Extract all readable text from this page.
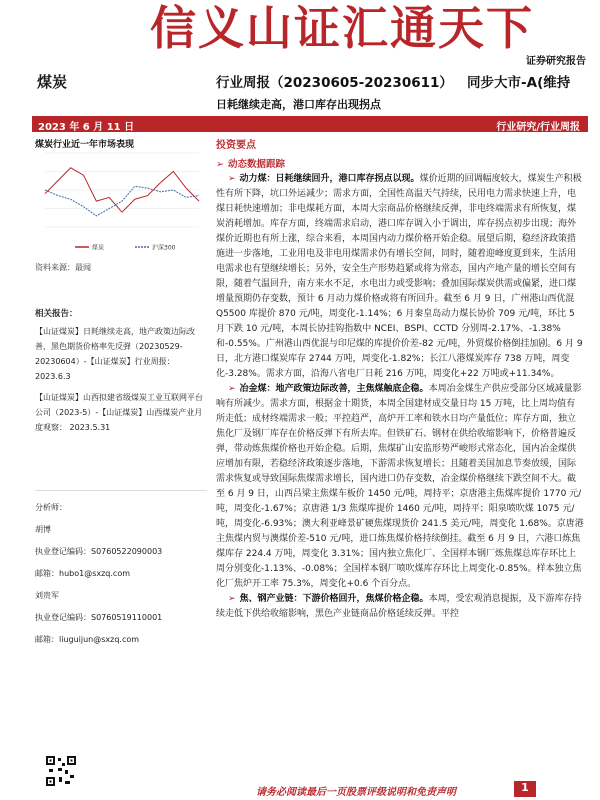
信义山证汇通天下
证券研究报告
煤炭	行业周报（20230605-20230611） 同步大市-A(维持
日耗继续走高，港口库存出现拐点
2023 年 6 月 11 日	行业研究/行业周报
煤炭行业近一年市场表现
煤炭	沪深300
资料来源：最闻
相关报告：

【山证煤炭】日耗继续走高，地产政策边际改善，黑色期货价格率先反弹（20230529-20230604）-【山证煤炭】行业周报： 2023.6.3

【山证煤炭】山西拟建省级煤炭工业互联网平台公司（2023-5）-【山证煤炭】山西煤炭产业月度观察： 2023.5.31

分析师：
胡博
执业登记编码：S0760522090003
邮箱：hubo1@sxzq.com
刘贵军
执业登记编码：S0760519110001
邮箱：liuguijun@sxzq.com
投资要点
➢ 动态数据跟踪

➢ 动力煤：日耗继续回升，港口库存拐点以现。煤价近期的回调幅度较大，煤炭生产积极性有所下降，坑口外运减少；需求方面，全国性高温天气持续，民用电力需求快速上升，电煤日耗快速增加；非电煤耗方面，本周大宗商品价格继续反弹，非电终端需求有所恢复，煤炭消耗增加。库存方面，终端需求启动，港口库存调入小于调出，库存拐点初步出现；海外煤价近期也有所上涨，综合来看，本周国内动力煤价格开始企稳。展望后期，稳经济政策措施进一步落地，工业用电及非电用煤需求仍有增长空间，同时，随着迎峰度夏到来，生活用电需求也有望继续增长；另外，安全生产形势趋紧或将为常态，国内产地产量的增长空间有限，随着气温回升，南方来水不足，水电出力或受影响；叠加国际煤炭供需或偏紧，进口煤增量预期仍存变数，预计 6 月动力煤价格或将有所回升。截至 6 月 9 日，广州港山西优混 Q5500 库提价 870 元/吨，周变化-1.14%；6 月秦皇岛动力煤长协价 709 元/吨，环比 5 月下跌 10 元/吨，本周长协挂钩指数中 NCEI、BSPI、CCTD 分别周-2.17%、-1.38%和-0.55%。广州港山西优混与印尼煤的库提价价差-82 元/吨，外贸煤价格倒挂加剧。6 月 9 日，北方港口煤炭库存 2744 万吨，周变化-1.82%；长江八港煤炭库存 738 万吨，周变化-3.28%。需求方面，沿海八省电厂日耗 216 万吨，周变化+22 万吨或+11.34%。

➢ 冶金煤：地产政策边际改善，主焦煤触底企稳。本周冶金煤生产供应受部分区域减量影响有所减少。需求方面，根据金十期货，本周全国建材成交量日均 15 万吨，比上周均值有所走低；成材终端需求一般；平控趋严，高炉开工率和铁水日均产量低位；库存方面，独立焦化厂及钢厂库存在价格反弹下有所去库。但铁矿石、钢材在供给收缩影响下，价格普遍反弹，带动炼焦煤价格也开始企稳。后期，焦煤矿山安监形势严峻形式常态化，国内冶金煤供应增加有限，若稳经济政策逐步落地，下游需求恢复增长；且随着美国加息节奏放缓，国际需求恢复或导致国际焦煤需求增长，国内进口仍存变数，冶金煤价格继续下跌空间不大。截至 6 月 9 日，山西吕梁主焦煤车板价 1450 元/吨，周持平；京唐港主焦煤库提价 1770 元/吨，周变化-1.67%；京唐港 1/3 焦煤库提价 1460 元/吨，周持平；阳泉喷吹煤 1075 元/吨，周变化-6.93%；澳大利亚峰景矿硬焦煤现货价 241.5 美元/吨，周变化 1.68%。京唐港主焦煤内贸与澳煤价差-510 元/吨，进口炼焦煤价格持续倒挂。截至 6 月 9 日，六港口炼焦煤库存 224.4 万吨，周变化 3.31%；国内独立焦化厂、全国样本钢厂炼焦煤总库存环比上周分别变化-1.13%、-0.08%；全国样本钢厂喷吹煤库存环比上周变化-0.85%。样本独立焦化厂焦炉开工率 75.3%，周变化+0.6 个百分点。

➢ 焦、钢产业链：下游价格回升，焦煤价格企稳。本周，受宏观消息提振，及下游库存持续走低下供给收缩影响，黑色产业链商品价格延续反弹。平控

请务必阅读最后一页股票评级说明和免责声明	1
